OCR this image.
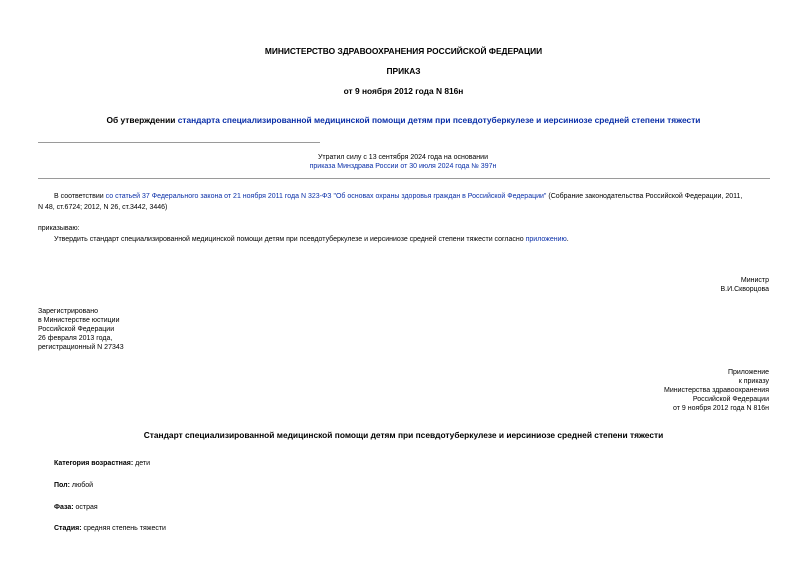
МИНИСТЕРСТВО ЗДРАВООХРАНЕНИЯ РОССИЙСКОЙ ФЕДЕРАЦИИ
ПРИКАЗ
от 9 ноября 2012 года N 816н
Об утверждении стандарта специализированной медицинской помощи детям при псевдотуберкулезе и иерсиниозе средней степени тяжести
Утратил силу с 13 сентября 2024 года на основании
приказа Минздрава России от 30 июля 2024 года № 397н
В соответствии со статьей 37 Федерального закона от 21 ноября 2011 года N 323-ФЗ "Об основах охраны здоровья граждан в Российской Федерации" (Собрание законодательства Российской Федерации, 2011,
N 48, ст.6724; 2012, N 26, ст.3442, 3446)
приказываю:
Утвердить стандарт специализированной медицинской помощи детям при псевдотуберкулезе и иерсиниозе средней степени тяжести согласно приложению.
Министр
В.И.Скворцова
Зарегистрировано
в Министерстве юстиции
Российской Федерации
26 февраля 2013 года,
регистрационный N 27343
Приложение
к приказу
Министерства здравоохранения
Российской Федерации
от 9 ноября 2012 года N 816н
Стандарт специализированной медицинской помощи детям при псевдотуберкулезе и иерсиниозе средней степени тяжести
Категория возрастная: дети
Пол: любой
Фаза: острая
Стадия: средняя степень тяжести
